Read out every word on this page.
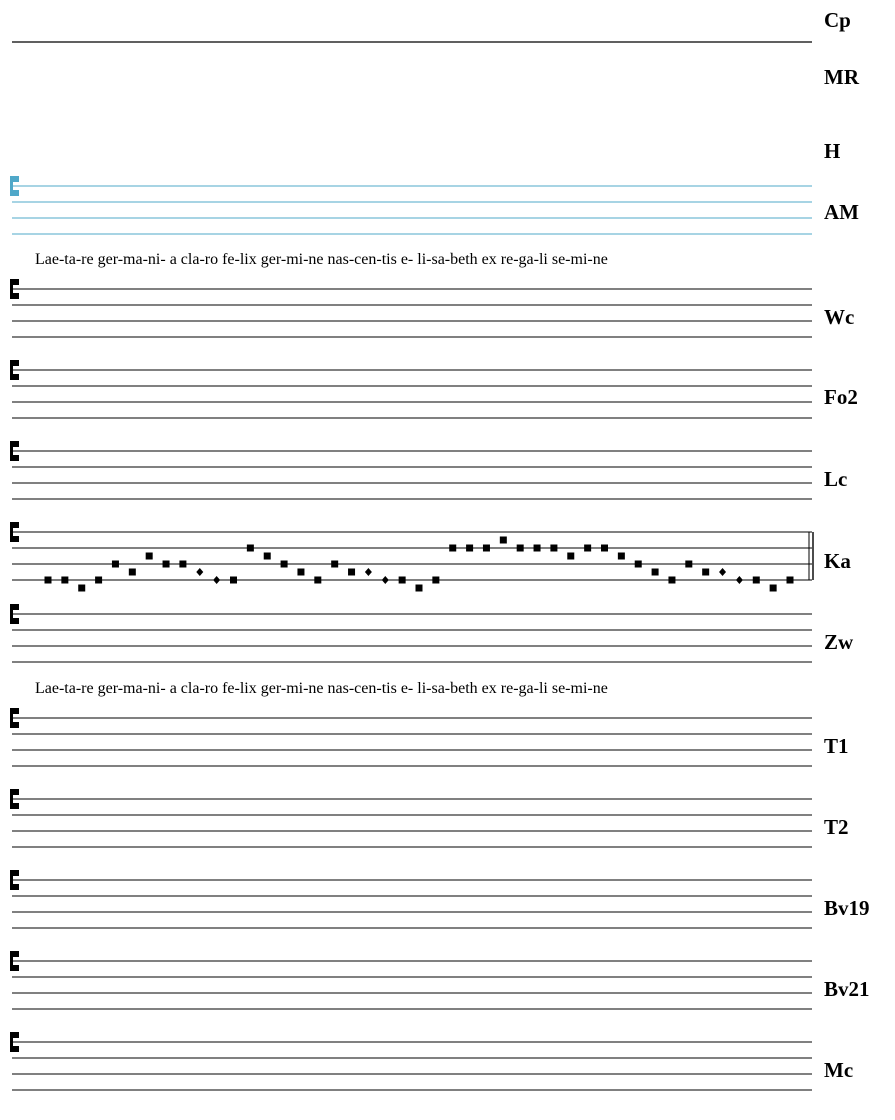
Cp
MR
H
AM
Wc
Fo2
Lc
Ka
Zw
T1
T2
Bv19
Bv21
Mc
Lae-ta-re ger-ma-ni- a cla-ro fe-lix ger-mi-ne nas-cen-tis e- li-sa-beth ex re-ga-li se-mi-ne
Lae-ta-re ger-ma-ni- a cla-ro fe-lix ger-mi-ne nas-cen-tis e- li-sa-beth ex re-ga-li se-mi-ne
